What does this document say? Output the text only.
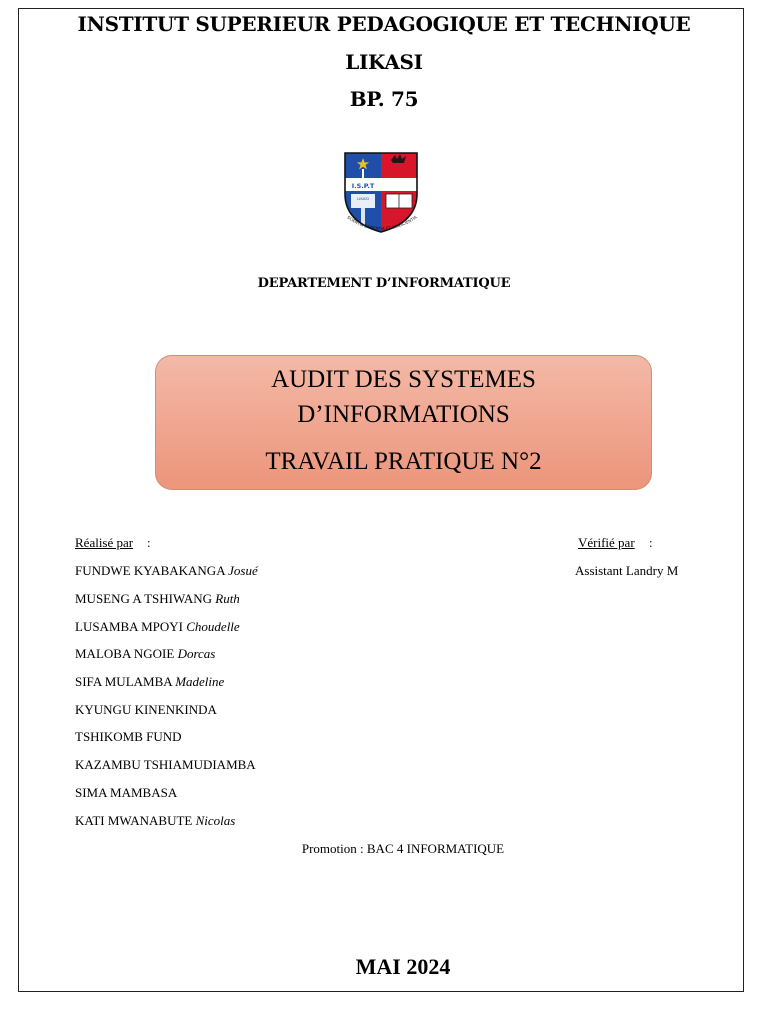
INSTITUT SUPERIEUR PEDAGOGIQUE ET TECHNIQUE
LIKASI
BP. 75
I.S.P.T
LIKASI
SCIENTIA SAPIENTIA ET CONSCIENTIA
DEPARTEMENT D’INFORMATIQUE
AUDIT DES SYSTEMES
D’INFORMATIONS
TRAVAIL PRATIQUE N°2
Réalisé par :	Vérifié par :
FUNDWE KYABAKANGA Josué
MUSENG A TSHIWANG Ruth
LUSAMBA MPOYI Choudelle
MALOBA NGOIE Dorcas
SIFA MULAMBA Madeline
KYUNGU KINENKINDA
TSHIKOMB FUND
KAZAMBU TSHIAMUDIAMBA
SIMA MAMBASA
KATI MWANABUTE Nicolas
Assistant Landry M
Promotion : BAC 4 INFORMATIQUE
MAI 2024
